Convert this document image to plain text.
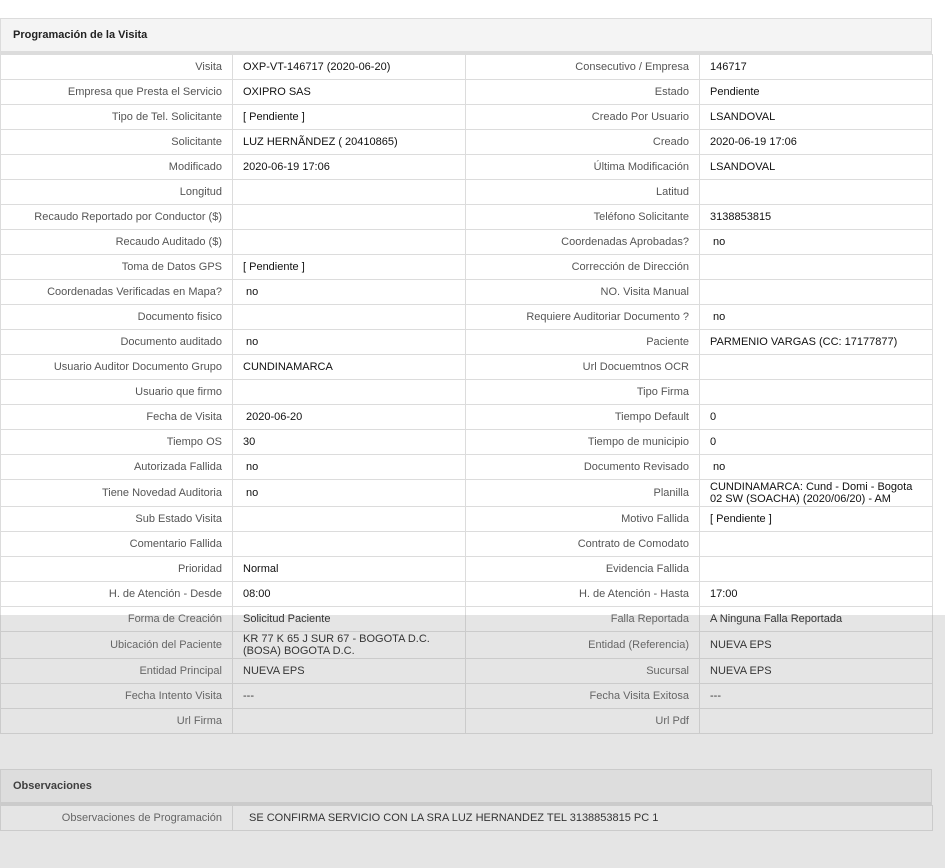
Programación de la Visita
Visita	OXP-VT-146717 (2020-06-20)	Consecutivo / Empresa	146717
Empresa que Presta el Servicio	OXIPRO SAS	Estado	Pendiente
Tipo de Tel. Solicitante	[ Pendiente ]	Creado Por Usuario	LSANDOVAL
Solicitante	LUZ HERNÃNDEZ ( 20410865)	Creado	2020-06-19 17:06
Modificado	2020-06-19 17:06	Última Modificación	LSANDOVAL
Longitud		Latitud	
Recaudo Reportado por Conductor ($)		Teléfono Solicitante	3138853815
Recaudo Auditado ($)		Coordenadas Aprobadas?	no
Toma de Datos GPS	[ Pendiente ]	Corrección de Dirección	
Coordenadas Verificadas en Mapa?	no	NO. Visita Manual	
Documento fisico		Requiere Auditoriar Documento ?	no
Documento auditado	no	Paciente	PARMENIO VARGAS (CC: 17177877)
Usuario Auditor Documento Grupo	CUNDINAMARCA	Url Docuemtnos OCR	
Usuario que firmo		Tipo Firma	
Fecha de Visita	2020-06-20	Tiempo Default	0
Tiempo OS	30	Tiempo de municipio	0
Autorizada Fallida	no	Documento Revisado	no
Tiene Novedad Auditoria	no	Planilla	CUNDINAMARCA: Cund - Domi - Bogota 02 SW (SOACHA) (2020/06/20) - AM
Sub Estado Visita		Motivo Fallida	[ Pendiente ]
Comentario Fallida		Contrato de Comodato	
Prioridad	Normal	Evidencia Fallida	
H. de Atención - Desde	08:00	H. de Atención - Hasta	17:00
Forma de Creación	Solicitud Paciente	Falla Reportada	A Ninguna Falla Reportada
Ubicación del Paciente	KR 77 K 65 J SUR 67 - BOGOTA D.C. (BOSA) BOGOTA D.C.	Entidad (Referencia)	NUEVA EPS
Entidad Principal	NUEVA EPS	Sucursal	NUEVA EPS
Fecha Intento Visita	---	Fecha Visita Exitosa	---
Url Firma		Url Pdf	
Observaciones
Observaciones de Programación	SE CONFIRMA SERVICIO CON LA SRA LUZ HERNANDEZ TEL 3138853815 PC 1
